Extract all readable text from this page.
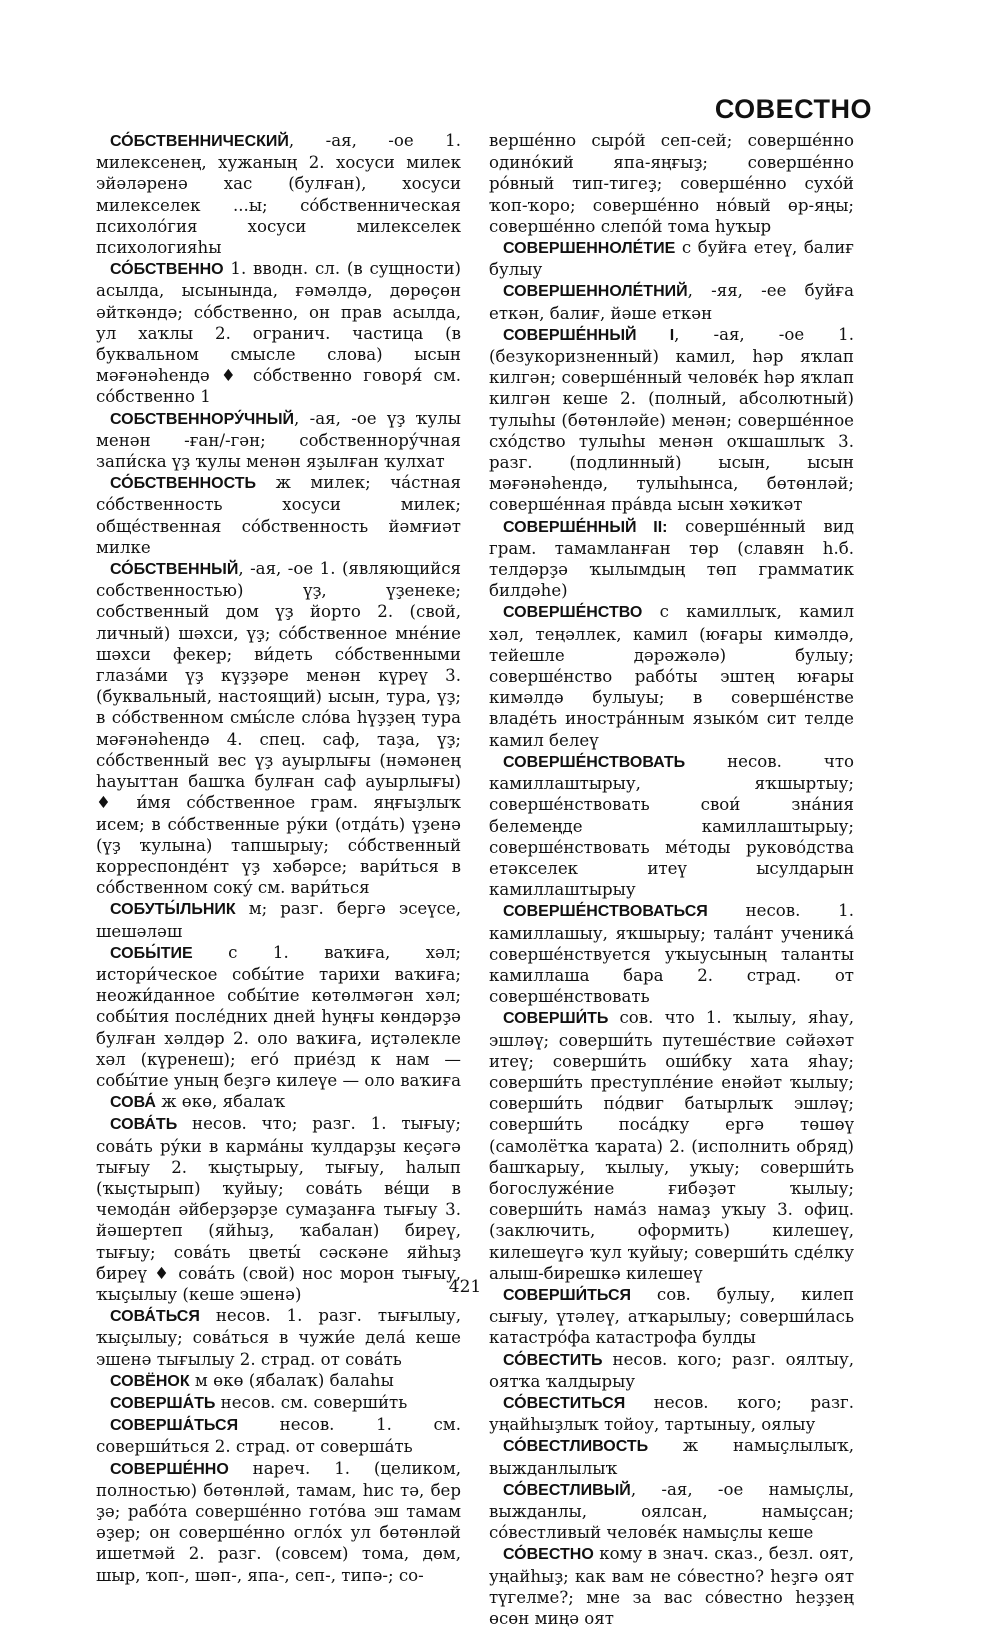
СОВЕСТНО

СО́БСТВЕННИЧЕСКИЙ, -ая, -ое 1. милексенең, хужаның 2. хосуси милек эйәләренә хас (булған), хосуси милекселек ...ы; со́бственническая психоло́гия хосуси милекселек психологияһы

СО́БСТВЕННО 1. вводн. сл. (в сущности) асылда, ысынында, ғәмәлдә, дөрөҫөн әйткәндә; со́бственно, он прав асылда, ул хаҡлы 2. огранич. частица (в буквальном смысле слова) ысын мәғәнәһендә ♦ со́бственно говоря́ см. со́бственно 1

СОБСТВЕННОРУ́ЧНЫЙ, -ая, -ое үҙ ҡулы менән -ған/-гән; собственнору́чная запи́ска үҙ ҡулы менән яҙылған ҡулхат

СО́БСТВЕННОСТЬ ж милек; ча́стная со́бственность хосуси милек; обще́ственная со́бственность йәмғиәт милке

СО́БСТВЕННЫЙ, -ая, -ое 1. (являющийся собственностью) үҙ, үҙенеке; собственный дом үҙ йорто 2. (свой, личный) шәхси, үҙ; со́бственное мне́ние шәхси фекер; ви́деть со́бственными глаза́ми үҙ күҙҙәре менән күреү 3. (буквальный, настоящий) ысын, тура, үҙ; в со́бственном смы́сле сло́ва һүҙҙең тура мәғәнәһендә 4. спец. саф, таҙа, үҙ; со́бственный вес үҙ ауырлығы (нәмәнең һауыттан башҡа булған саф ауырлығы) ♦ и́мя со́бственное грам. яңғыҙлыҡ исем; в со́бственные ру́ки (отда́ть) үҙенә (үҙ ҡулына) тапшырыу; со́бственный корреспонде́нт үҙ хәбәрсе; вари́ться в со́бственном соку́ см. вари́ться

СОБУТЫ́ЛЬНИК м; разг. бергә эсеүсе, шешәләш

СОБЫ́ТИЕ с 1. ваҡиға, хәл; истори́ческое собы́тие тарихи ваҡиға; неожи́данное собы́тие көтөлмәгән хәл; собы́тия после́дних дней һуңғы көндәрҙә булған хәлдәр 2. оло ваҡиға, иҫтәлекле хәл (күренеш); его́ прие́зд к нам — собы́тие уның беҙгә килеүе — оло ваҡиға

СОВА́ ж өкө, ябалаҡ

СОВА́ТЬ несов. что; разг. 1. тығыу; сова́ть ру́ки в карма́ны ҡулдарҙы кеҫәгә тығыу 2. ҡыҫтырыу, тығыу, һалып (ҡыҫтырып) ҡуйыу; сова́ть ве́щи в чемода́н әйберҙәрҙе сумаҙанға тығыу 3. йәшертеп (яйһыҙ, ҡабалан) биреү, тығыу; сова́ть цветы́ сәскәне яйһыҙ биреү ♦ сова́ть (свой) нос морон тығыу, ҡыҫылыу (кеше эшенә)

СОВА́ТЬСЯ несов. 1. разг. тығылыу, ҡыҫылыу; сова́ться в чужи́е дела́ кеше эшенә тығылыу 2. страд. от сова́ть

СОВЁНОК м өкө (ябалаҡ) балаһы

СОВЕРША́ТЬ несов. см. соверши́ть

СОВЕРША́ТЬСЯ несов. 1. см. соверши́ться 2. страд. от соверша́ть

СОВЕРШЕ́ННО нареч. 1. (целиком, полностью) бөтөнләй, тамам, һис тә, бер ҙә; рабо́та соверше́нно гото́ва эш тамам әҙер; он соверше́нно оглóх ул бөтөнләй ишетмәй 2. разг. (совсем) тома, дөм, шыр, ҡоп-, шәп-, япа-, сеп-, типә-; со-

верше́нно сыро́й сеп-сей; соверше́нно одино́кий япа-яңғыҙ; соверше́нно ро́вный тип-тигеҙ; соверше́нно сухо́й ҡоп-ҡоро; соверше́нно но́вый өр-яңы; соверше́нно слепо́й тома һуҡыр

СОВЕРШЕННОЛЕ́ТИЕ с буйға етеү, балиғ булыу

СОВЕРШЕННОЛЕ́ТНИЙ, -яя, -ее буйға еткән, балиғ, йәше еткән

СОВЕРШЕ́ННЫЙ I, -ая, -ое 1. (безукоризненный) камил, һәр яҡлап килгән; соверше́нный челове́к һәр яҡлап килгән кеше 2. (полный, абсолютный) тулыһы (бөтөнләйе) менән; соверше́нное схо́дство тулыһы менән оҡшашлыҡ 3. разг. (подлинный) ысын, ысын мәғәнәһендә, тулыһынса, бөтөнләй; соверше́нная пра́вда ысын хәҡиҡәт

СОВЕРШЕ́ННЫЙ II: соверше́нный вид грам. тамамланған төр (славян һ.б. телдәрҙә ҡылымдың төп грамматик билдәһе)

СОВЕРШЕ́НСТВО с камиллыҡ, камил хәл, теңәллек, камил (юғары кимәлдә, тейешле дәрәжәлә) булыу; соверше́нство рабо́ты эштең юғары кимәлдә булыуы; в соверше́нстве владе́ть иностра́нным языко́м сит телде камил белеү

СОВЕРШЕ́НСТВОВАТЬ несов. что камиллаштырыу, яҡшыртыу; соверше́нствовать свои́ зна́ния белемеңде камиллаштырыу; соверше́нствовать ме́тоды руково́дства етәкселек итеү ысулдарын камиллаштырыу

СОВЕРШЕ́НСТВОВАТЬСЯ несов. 1. камиллашыу, яҡшырыу; тала́нт ученика́ соверше́нствуется уҡыусының таланты камиллаша бара 2. страд. от соверше́нствовать

СОВЕРШИ́ТЬ сов. что 1. ҡылыу, яһау, эшләү; соверши́ть путеше́ствие сәйәхәт итеү; соверши́ть оши́бку хата яһау; соверши́ть преступле́ние енәйәт ҡылыу; соверши́ть по́двиг батырлыҡ эшләү; соверши́ть поса́дку ергә төшөү (самолётҡа ҡарата) 2. (исполнить обряд) башҡарыу, ҡылыу, уҡыу; соверши́ть богослуже́ние ғибәҙәт ҡылыу; соверши́ть нама́з намаҙ уҡыу 3. офиц. (заключить, оформить) килешеү, килешеүгә ҡул ҡуйыу; соверши́ть сде́лку алыш-бирешкә килешеү

СОВЕРШИ́ТЬСЯ сов. булыу, килеп сығыу, үтәлеү, атҡарылыу; соверши́лась катастро́фа катастрофа булды

СО́ВЕСТИТЬ несов. кого; разг. оялтыу, оятҡа ҡалдырыу

СО́ВЕСТИТЬСЯ несов. кого; разг. уңайһыҙлыҡ тойоу, тартыныу, оялыу

СО́ВЕСТЛИВОСТЬ ж намыҫлылыҡ, выжданлылыҡ

СО́ВЕСТЛИВЫЙ, -ая, -ое намыҫлы, выжданлы, оялсан, намыҫсан; со́вестливый челове́к намыҫлы кеше

СО́ВЕСТНО кому в знач. сказ., безл. оят, уңайһыҙ; как вам не со́вестно? һеҙгә оят түгелме?; мне за вас со́вестно һеҙҙең өсөн миңә оят

421
